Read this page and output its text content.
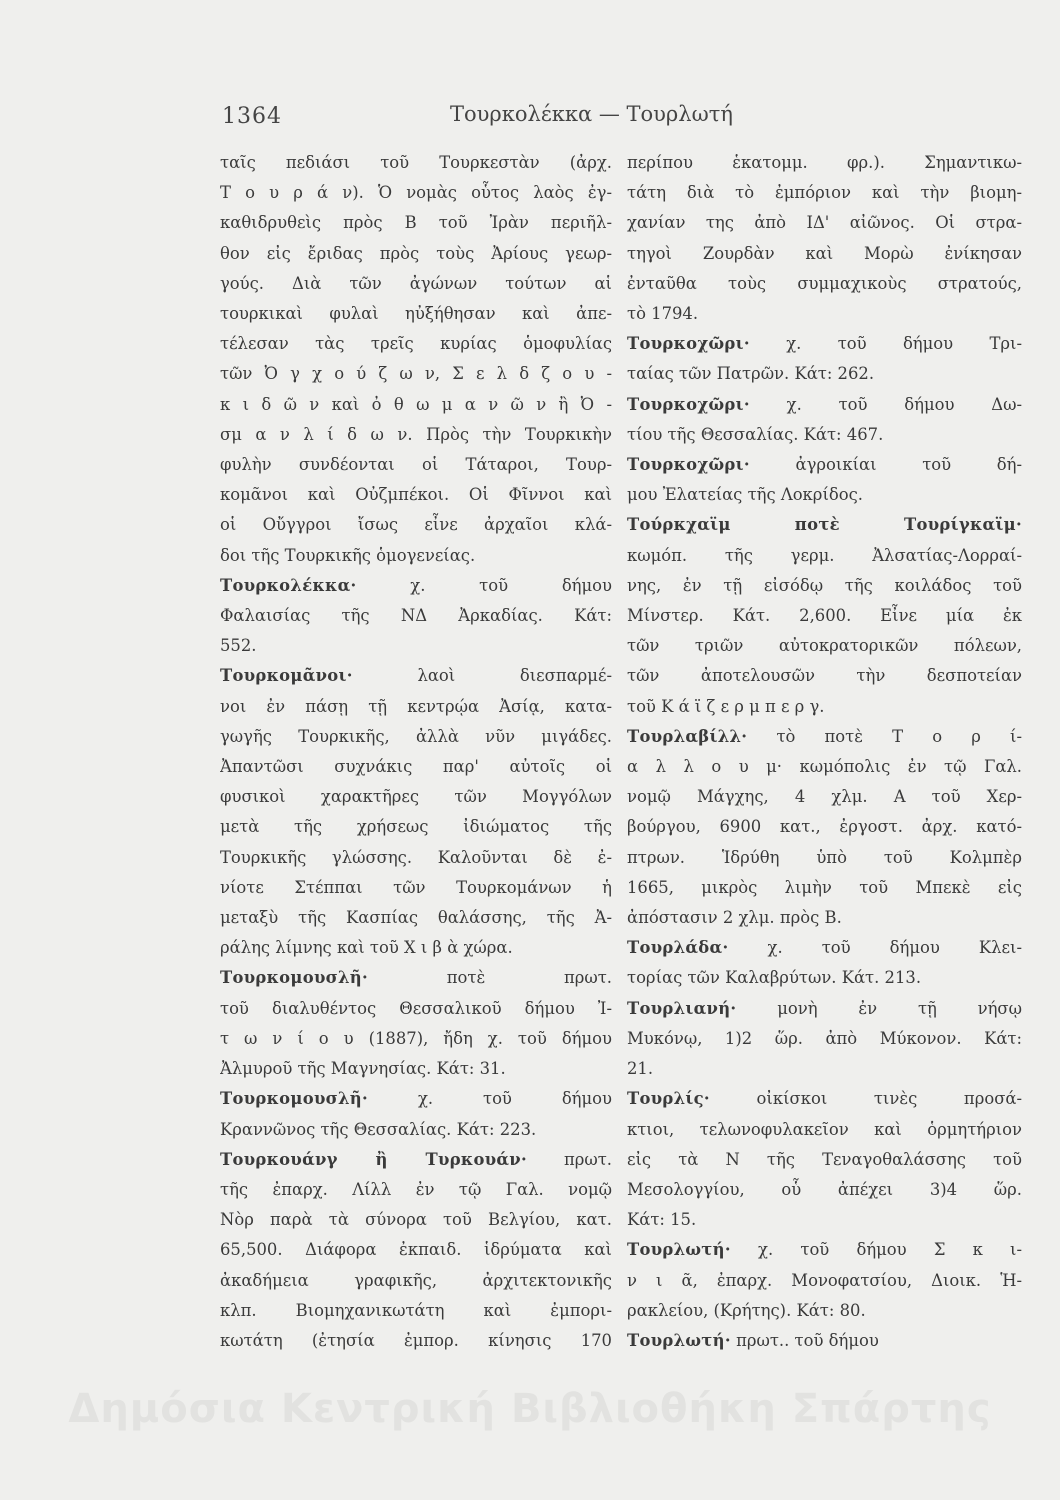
1364	Τουρκολέκκα — Τουρλωτή
ταῖς πεδιάσι τοῦ Τουρκεστὰν (ἀρχ.
Τ ο υ ρ ά ν). Ὁ νομὰς οὗτος λαὸς ἐγ-
καθιδρυθεὶς πρὸς Β τοῦ Ἰρὰν περιῆλ-
θον εἰς ἔριδας πρὸς τοὺς Ἀρίους γεωρ-
γούς. Διὰ τῶν ἀγώνων τούτων αἱ
τουρκικαὶ φυλαὶ ηὐξήθησαν καὶ ἀπε-
τέλεσαν τὰς τρεῖς κυρίας ὁμοφυλίας
τῶν Ὀ γ χ ο ύ ζ ω ν, Σ ε λ δ ζ ο υ -
κ ι δ ῶ ν καὶ ὀ θ ω μ α ν ῶ ν ἢ Ὀ -
σμ α ν λ ί δ ω ν. Πρὸς τὴν Τουρκικὴν
φυλὴν συνδέονται οἱ Τάταροι, Τουρ-
κομᾶνοι καὶ Οὐζμπέκοι. Οἱ Φῖννοι καὶ
οἱ Οὔγγροι ἴσως εἶνε ἀρχαῖοι κλά-
δοι τῆς Τουρκικῆς ὁμογενείας.
Τουρκολέκκα· χ. τοῦ δήμου
Φαλαισίας τῆς ΝΔ Ἀρκαδίας. Κάτ:
552.
Τουρκομᾶνοι· λαοὶ διεσπαρμέ-
νοι ἐν πάσῃ τῇ κεντρῴα Ἀσίᾳ, κατα-
γωγῆς Τουρκικῆς, ἀλλὰ νῦν μιγάδες.
Ἀπαντῶσι συχνάκις παρ' αὐτοῖς οἱ
φυσικοὶ χαρακτῆρες τῶν Μογγόλων
μετὰ τῆς χρήσεως ἰδιώματος τῆς
Τουρκικῆς γλώσσης. Καλοῦνται δὲ ἐ-
νίοτε Στέππαι τῶν Τουρκομάνων ἡ
μεταξὺ τῆς Κασπίας θαλάσσης, τῆς Ἀ-
ράλης λίμνης καὶ τοῦ Χ ι β ὰ χώρα.
Τουρκομουσλῆ· ποτὲ πρωτ.
τοῦ διαλυθέντος Θεσσαλικοῦ δήμου Ἰ-
τ ω ν ί ο υ (1887), ἤδη χ. τοῦ δήμου
Ἀλμυροῦ τῆς Μαγνησίας. Κάτ: 31.
Τουρκομουσλῆ· χ. τοῦ δήμου
Κραννῶνος τῆς Θεσσαλίας. Κάτ: 223.
Τουρκουάνγ ἢ Τυρκουάν· πρωτ.
τῆς ἐπαρχ. Λίλλ ἐν τῷ Γαλ. νομῷ
Νὸρ παρὰ τὰ σύνορα τοῦ Βελγίου, κατ.
65,500. Διάφορα ἐκπαιδ. ἱδρύματα καὶ
ἀκαδήμεια γραφικῆς, ἀρχιτεκτονικῆς
κλπ. Βιομηχανικωτάτη καὶ ἐμπορι-
κωτάτη (ἐτησία ἐμπορ. κίνησις 170
περίπου ἑκατομμ. φρ.). Σημαντικω-
τάτη διὰ τὸ ἐμπόριον καὶ τὴν βιομη-
χανίαν της ἀπὸ ΙΔ' αἰῶνος. Οἱ στρα-
τηγοὶ Ζουρδὰν καὶ Μορὼ ἐνίκησαν
ἐνταῦθα τοὺς συμμαχικοὺς στρατούς,
τὸ 1794.
Τουρκοχῶρι· χ. τοῦ δήμου Τρι-
ταίας τῶν Πατρῶν. Κάτ: 262.
Τουρκοχῶρι· χ. τοῦ δήμου Δω-
τίου τῆς Θεσσαλίας. Κάτ: 467.
Τουρκοχῶρι· ἀγροικίαι τοῦ δή-
μου Ἐλατείας τῆς Λοκρίδος.
Τούρκχαϊμ ποτὲ Τουρίγκαϊμ·
κωμόπ. τῆς γερμ. Ἀλσατίας-Λορραί-
νης, ἐν τῇ εἰσόδῳ τῆς κοιλάδος τοῦ
Μίνστερ. Κάτ. 2,600. Εἶνε μία ἐκ
τῶν τριῶν αὐτοκρατορικῶν πόλεων,
τῶν ἀποτελουσῶν τὴν δεσποτείαν
τοῦ Κ ά ϊ ζ ε ρ μ π ε ρ γ.
Τουρλαβίλλ· τὸ ποτὲ Τ ο ρ ί-
α λ λ ο υ μ· κωμόπολις ἐν τῷ Γαλ.
νομῷ Μάγχης, 4 χλμ. Α τοῦ Χερ-
βούργου, 6900 κατ., ἐργοστ. ἀρχ. κατό-
πτρων. Ἱδρύθη ὑπὸ τοῦ Κολμπὲρ
1665, μικρὸς λιμὴν τοῦ Μπεκὲ εἰς
ἀπόστασιν 2 χλμ. πρὸς Β.
Τουρλάδα· χ. τοῦ δήμου Κλει-
τορίας τῶν Καλαβρύτων. Κάτ. 213.
Τουρλιανή· μονὴ ἐν τῇ νήσῳ
Μυκόνῳ, 1)2 ὥρ. ἀπὸ Μύκονον. Κάτ:
21.
Τουρλίς· οἰκίσκοι τινὲς προσά-
κτιοι, τελωνοφυλακεῖον καὶ ὁρμητήριον
εἰς τὰ Ν τῆς Τεναγοθαλάσσης τοῦ
Μεσολογγίου, οὗ ἀπέχει 3)4 ὥρ.
Κάτ: 15.
Τουρλωτή· χ. τοῦ δήμου Σ κ ι-
ν ι ᾶ, ἐπαρχ. Μονοφατσίου, Διοικ. Ἡ-
ρακλείου, (Κρήτης). Κάτ: 80.
Τουρλωτή· πρωτ.. τοῦ δήμου
Δημόσια Κεντρική Βιβλιοθήκη Σπάρτης
